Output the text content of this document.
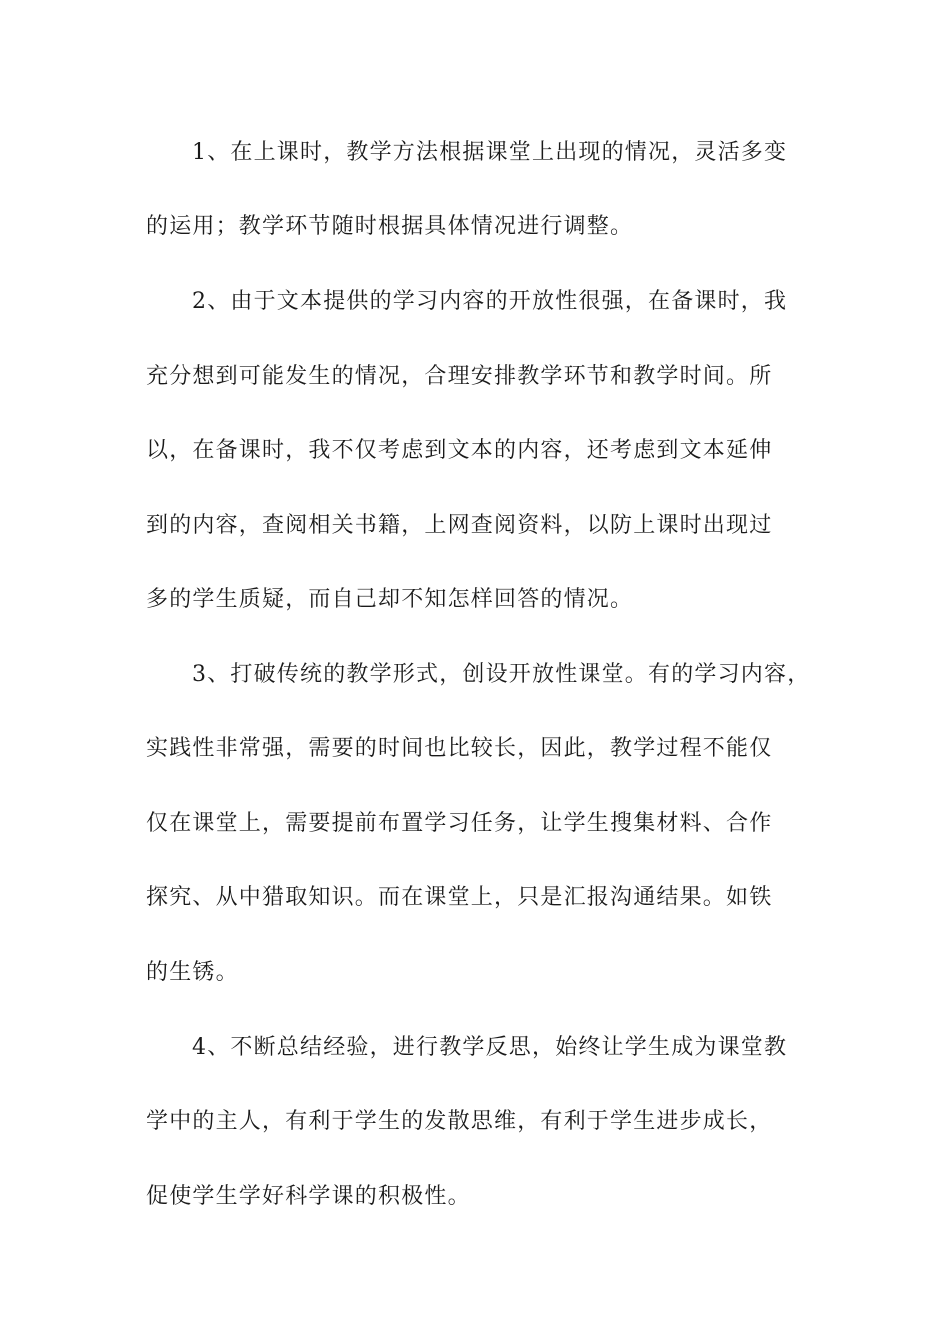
1、在上课时，教学方法根据课堂上出现的情况，灵活多变
的运用；教学环节随时根据具体情况进行调整。
2、由于文本提供的学习内容的开放性很强，在备课时，我
充分想到可能发生的情况，合理安排教学环节和教学时间。所
以，在备课时，我不仅考虑到文本的内容，还考虑到文本延伸
到的内容，查阅相关书籍，上网查阅资料，以防上课时出现过
多的学生质疑，而自己却不知怎样回答的情况。
3、打破传统的教学形式，创设开放性课堂。有的学习内容，
实践性非常强，需要的时间也比较长，因此，教学过程不能仅
仅在课堂上，需要提前布置学习任务，让学生搜集材料、合作
探究、从中猎取知识。而在课堂上，只是汇报沟通结果。如铁
的生锈。
4、不断总结经验，进行教学反思，始终让学生成为课堂教
学中的主人，有利于学生的发散思维，有利于学生进步成长，
促使学生学好科学课的积极性。
